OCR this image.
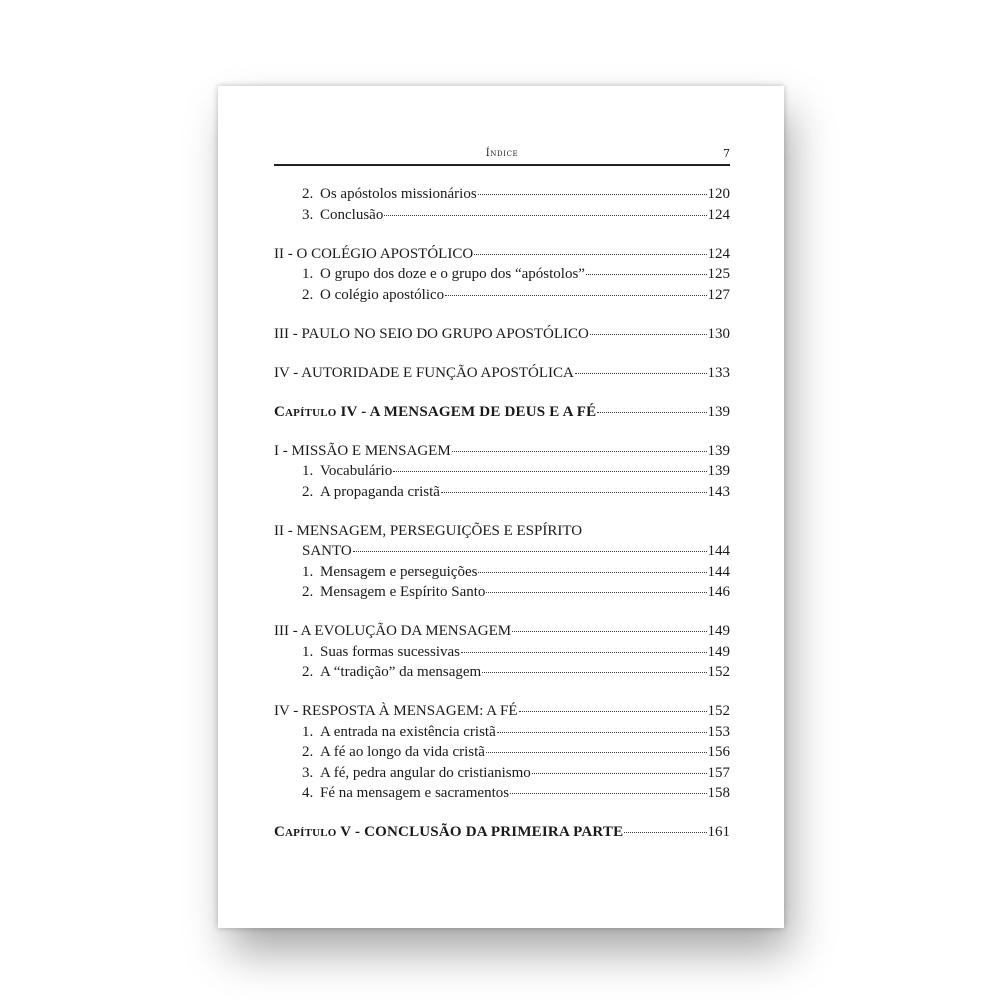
Índice	7
2. Os apóstolos missionários	120
3. Conclusão	124
II - O COLÉGIO APOSTÓLICO	124
1. O grupo dos doze e o grupo dos “apóstolos”	125
2. O colégio apostólico	127
III - PAULO NO SEIO DO GRUPO APOSTÓLICO	130
IV - AUTORIDADE E FUNÇÃO APOSTÓLICA	133
Capítulo IV - A MENSAGEM DE DEUS E A FÉ	139
I - MISSÃO E MENSAGEM	139
1. Vocabulário	139
2. A propaganda cristã	143
II - MENSAGEM, PERSEGUIÇÕES E ESPÍRITO
SANTO	144
1. Mensagem e perseguições	144
2. Mensagem e Espírito Santo	146
III - A EVOLUÇÃO DA MENSAGEM	149
1. Suas formas sucessivas	149
2. A “tradição” da mensagem	152
IV - RESPOSTA À MENSAGEM: A FÉ	152
1. A entrada na existência cristã	153
2. A fé ao longo da vida cristã	156
3. A fé, pedra angular do cristianismo	157
4. Fé na mensagem e sacramentos	158
Capítulo V - CONCLUSÃO DA PRIMEIRA PARTE	161
